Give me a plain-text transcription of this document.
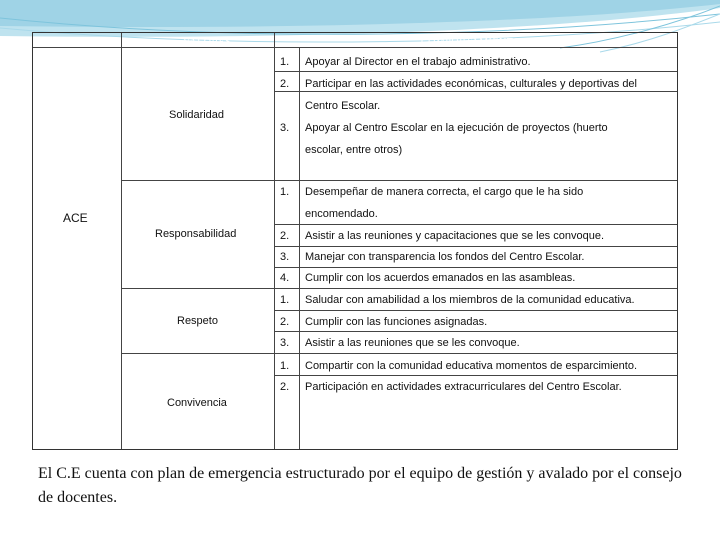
SECTOR	VALORES	COMPORTAMIENTO
ACE
Solidaridad
Responsabilidad
Respeto
Convivencia
1. Apoyar al Director en el trabajo administrativo.
2. Participar en las actividades económicas, culturales y deportivas del
Centro Escolar.
3. Apoyar al Centro Escolar en la ejecución de proyectos (huerto
escolar, entre otros)
1. Desempeñar de manera correcta, el cargo que le ha sido
encomendado.
2. Asistir a las reuniones y capacitaciones que se les convoque.
3. Manejar con transparencia los fondos del Centro Escolar.
4. Cumplir con los acuerdos emanados en las asambleas.
1. Saludar con amabilidad a los miembros de la comunidad educativa.
2. Cumplir con las funciones asignadas.
3. Asistir a las reuniones que se les convoque.
1. Compartir con la comunidad educativa momentos de esparcimiento.
2. Participación en actividades extracurriculares del Centro Escolar.
El C.E cuenta con plan de emergencia estructurado por el equipo de gestión y avalado por el consejo de docentes.
